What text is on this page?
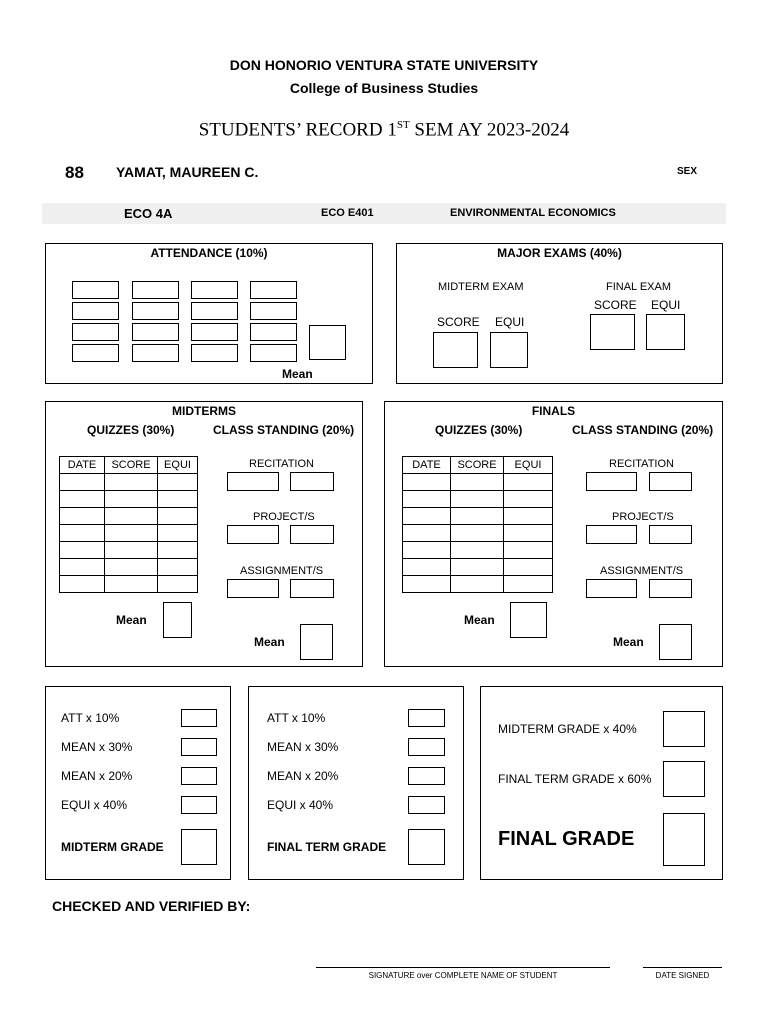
DON HONORIO VENTURA STATE UNIVERSITY
College of Business Studies
STUDENTS’ RECORD 1ST SEM AY 2023-2024
88 YAMAT, MAUREEN C.	SEX
ECO 4A	ECO E401	ENVIRONMENTAL ECONOMICS
ATTENDANCE (10%)
Mean
MAJOR EXAMS (40%)
MIDTERM EXAM
SCORE EQUI
FINAL EXAM
SCORE EQUI
MIDTERMS
QUIZZES (30%)	CLASS STANDING (20%)
DATE	SCORE	EQUI

			RECITATION
PROJECT/S
ASSIGNMENT/S
Mean
Mean
FINALS
QUIZZES (30%)	CLASS STANDING (20%)
DATE	SCORE	EQUI

			RECITATION
PROJECT/S
ASSIGNMENT/S
Mean
Mean
ATT x 10%
MEAN x 30%
MEAN x 20%
EQUI x 40%
MIDTERM GRADE
ATT x 10%
MEAN x 30%
MEAN x 20%
EQUI x 40%
FINAL TERM GRADE
MIDTERM GRADE x 40%
FINAL TERM GRADE x 60%
FINAL GRADE
CHECKED AND VERIFIED BY:
SIGNATURE over COMPLETE NAME OF STUDENT	DATE SIGNED
